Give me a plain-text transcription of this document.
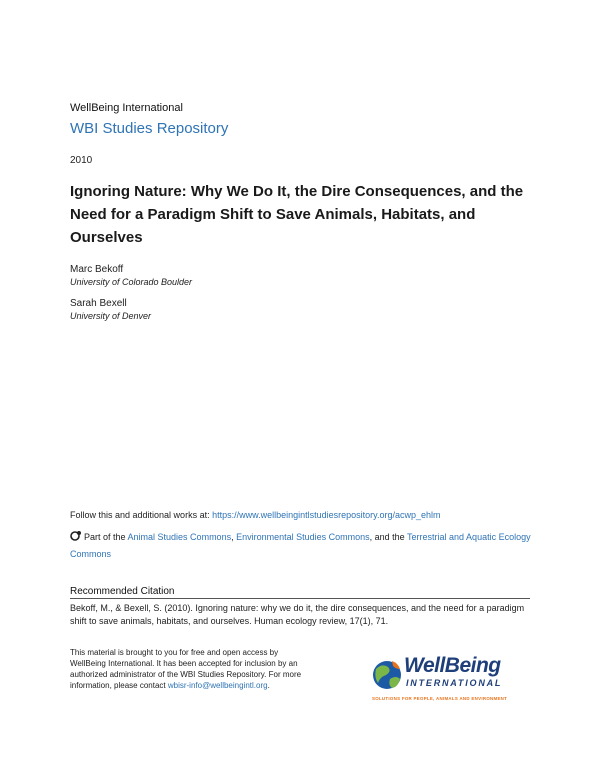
WellBeing International
WBI Studies Repository
2010
Ignoring Nature: Why We Do It, the Dire Consequences, and the Need for a Paradigm Shift to Save Animals, Habitats, and Ourselves
Marc Bekoff
University of Colorado Boulder
Sarah Bexell
University of Denver
Follow this and additional works at: https://www.wellbeingintlstudiesrepository.org/acwp_ehlm
Part of the Animal Studies Commons, Environmental Studies Commons, and the Terrestrial and Aquatic Ecology Commons
Recommended Citation
Bekoff, M., & Bexell, S. (2010). Ignoring nature: why we do it, the dire consequences, and the need for a paradigm shift to save animals, habitats, and ourselves. Human ecology review, 17(1), 71.
This material is brought to you for free and open access by WellBeing International. It has been accepted for inclusion by an authorized administrator of the WBI Studies Repository. For more information, please contact wbisr-info@wellbeingintl.org.
WellBeing
INTERNATIONAL
SOLUTIONS FOR PEOPLE, ANIMALS AND ENVIRONMENT
